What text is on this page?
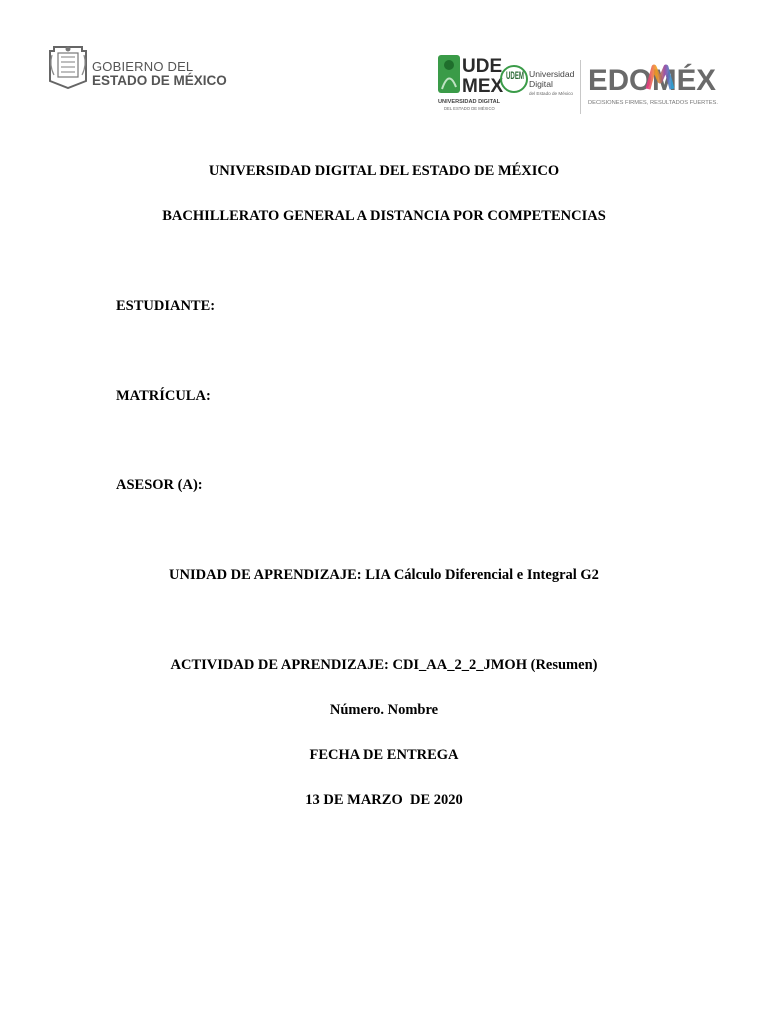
GOBIERNO DEL
ESTADO DE MÉXICO
UDE
MEX
UNIVERSIDAD DIGITAL
DEL ESTADO DE MÉXICO
UDEM Universidad
Digital
del Estado de México EDOMÉX
DECISIONES FIRMES, RESULTADOS FUERTES.
UNIVERSIDAD DIGITAL DEL ESTADO DE MÉXICO
BACHILLERATO GENERAL A DISTANCIA POR COMPETENCIAS
ESTUDIANTE:
MATRÍCULA:
ASESOR (A):
UNIDAD DE APRENDIZAJE: LIA Cálculo Diferencial e Integral G2
ACTIVIDAD DE APRENDIZAJE: CDI_AA_2_2_JMOH (Resumen)
Número. Nombre
FECHA DE ENTREGA
13 DE MARZO  DE 2020
